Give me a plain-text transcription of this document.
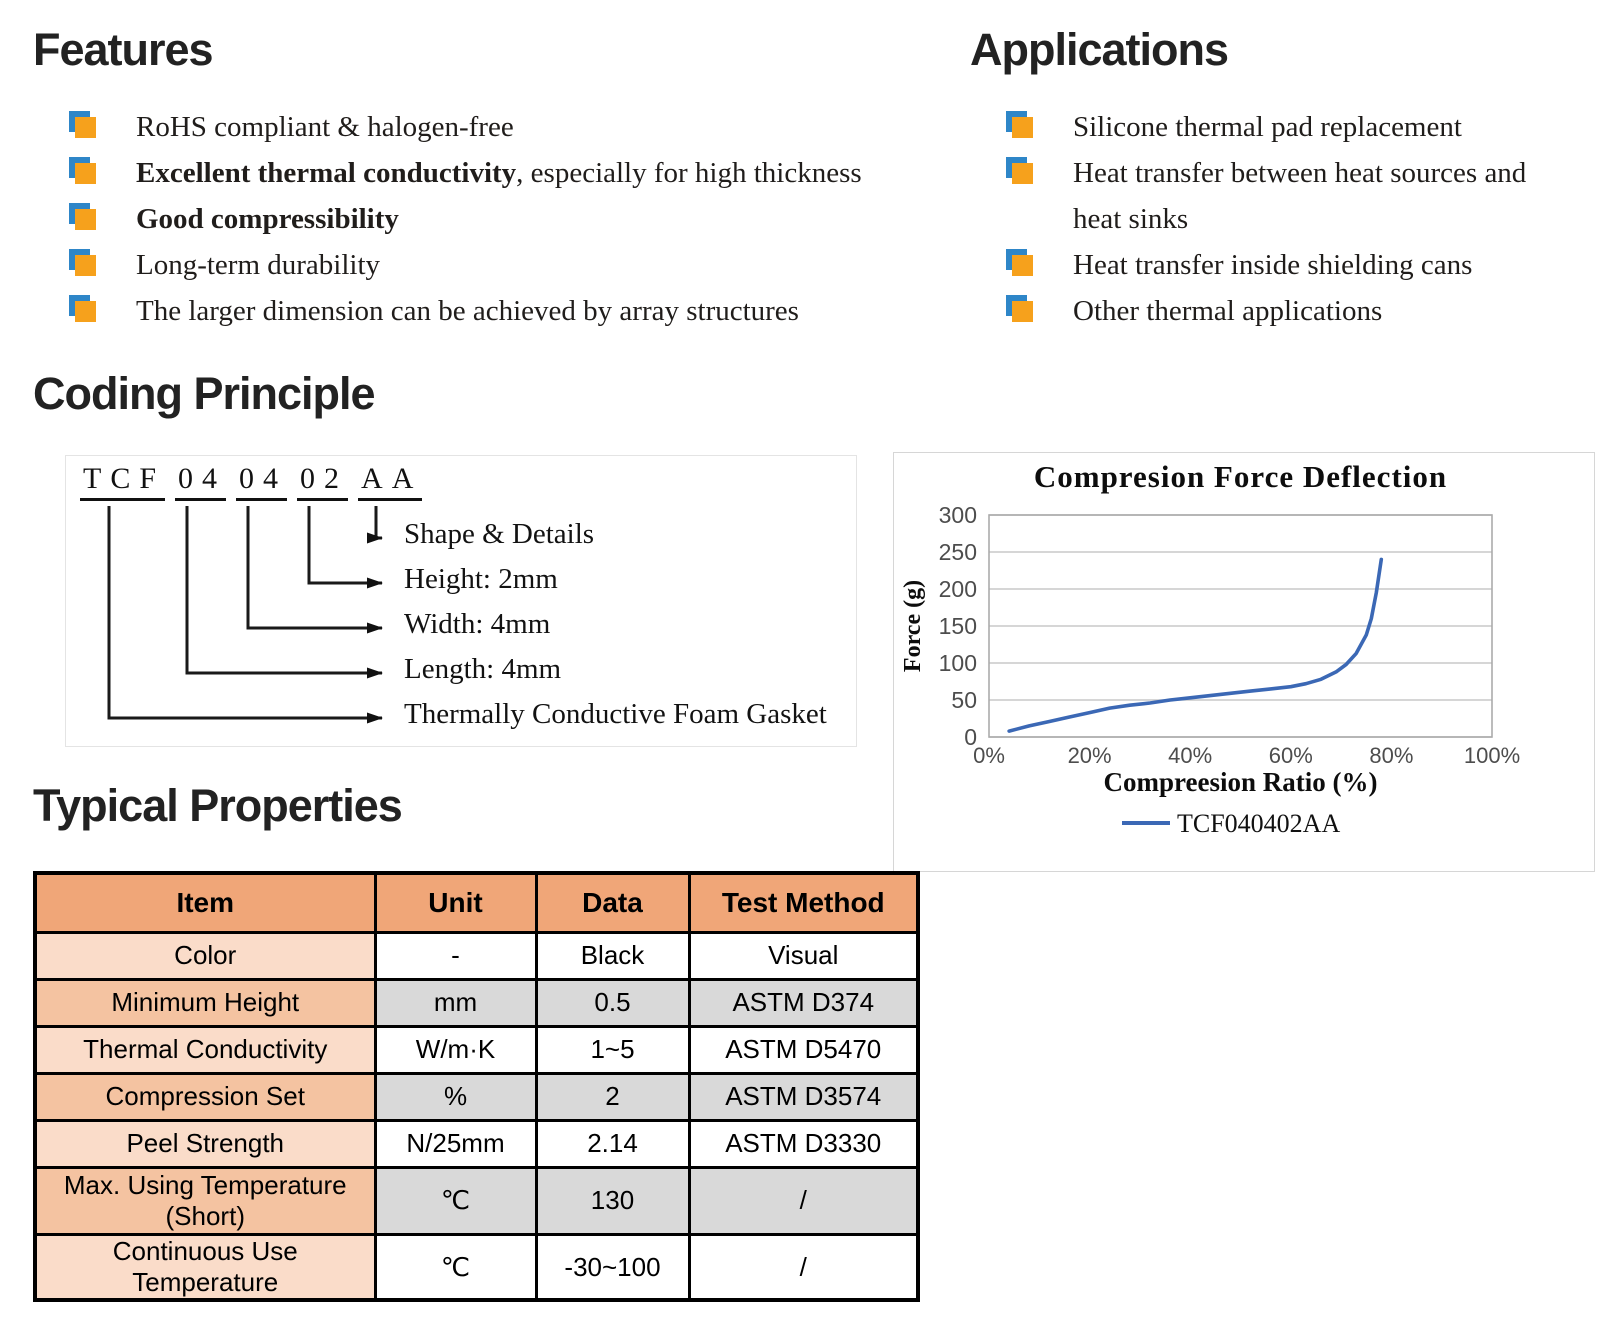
Features
RoHS compliant & halogen-free
Excellent thermal conductivity, especially for high thickness
Good compressibility
Long-term durability
The larger dimension can be achieved by array structures
Applications
Silicone thermal pad replacement
Heat transfer between heat sources and heat sinks
Heat transfer inside shielding cans
Other thermal applications
Coding Principle
TCF 04 04 02 AA
Shape & Details
Height: 2mm
Width: 4mm
Length: 4mm
Thermally Conductive Foam Gasket
0
50
100
150
200
250
300
0%	20%	40%	60%	80% 100%
Compresion Force Deflection
Force (g)
Compreesion Ratio (%)
TCF040402AA
Typical Properties
Item	Unit	Data	Test Method
Color	-	Black	Visual
Minimum Height	mm	0.5	ASTM D374
Thermal Conductivity	W/m·K	1~5	ASTM D5470
Compression Set	%	2	ASTM D3574
Peel Strength	N/25mm	2.14	ASTM D3330
Max. Using Temperature (Short)	℃	130	/
Continuous Use Temperature	℃	-30~100	/
